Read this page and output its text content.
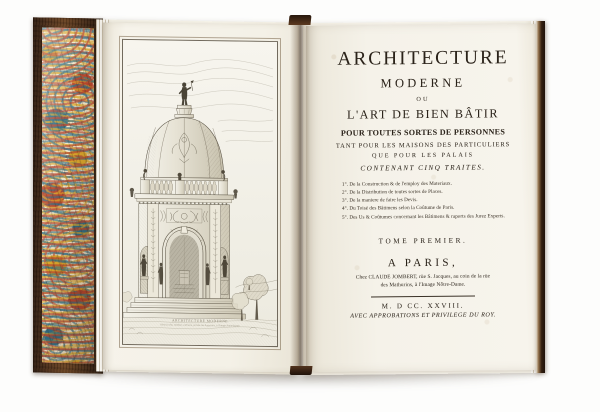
ARCHITECTURE MODERNE
A Paris chez Jombert, Libraire, proche les Augustins, à l'Image Notre-Dame.
ARCHITECTURE
MODERNE
OU
L'ART DE BIEN BÂTIR
POUR TOUTES SORTES DE PERSONNES
TANT POUR LES MAISONS DES PARTICULIERS
QUE POUR LES PALAIS
CONTENANT CINQ TRAITES.
1°. De la Construction & de l'employ des Materiaux.
2°. De la Distribution de toutes sortes de Places.
3°. De la maniere de faire les Devis.
4°. Du Toisé des Bâtimens selon la Coûtume de Paris.
5°. Des Us & Coûtumes concernant les Bâtimens & raports des Jurez Experts.
TOME PREMIER.
A PARIS,
Chez CLAUDE JOMBERT, rüe S. Jacques, au coin de la rüe
des Mathurins, à l'Image Nôtre-Dame.
M. D CC. XXVIII.
AVEC APPROBATIONS ET PRIVILEGE DU ROY.
